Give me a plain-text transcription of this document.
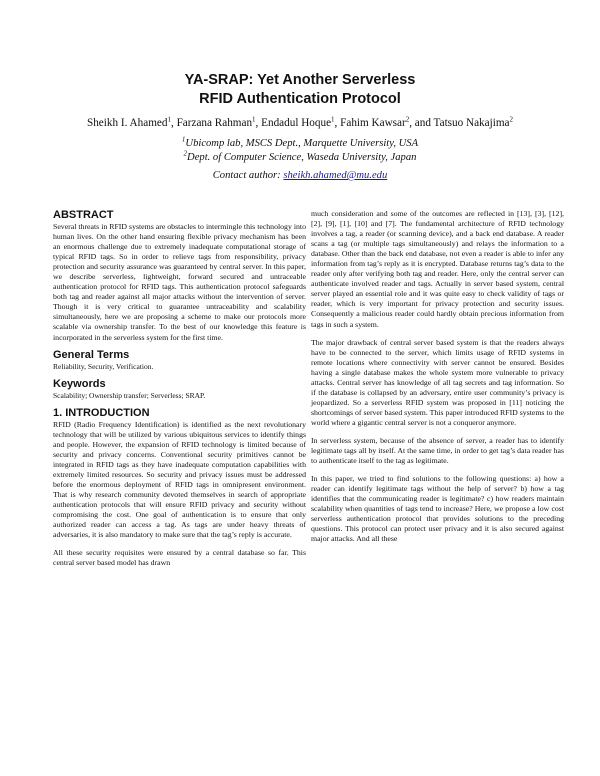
YA-SRAP: Yet Another Serverless
RFID Authentication Protocol
Sheikh I. Ahamed$^1$, Farzana Rahman$^1$, Endadul Hoque$^1$, Fahim Kawsar$^2$, and Tatsuo Nakajima$^2$
$^1$Ubicomp lab, MSCS Dept., Marquette University, USA
$^2$Dept. of Computer Science, Waseda University, Japan
Contact author: sheikh.ahamed@mu.edu
ABSTRACT
Several threats in RFID systems are obstacles to intermingle this technology into human lives. On the other hand ensuring flexible privacy mechanism has been an enormous challenge due to extremely inadequate computational storage of typical RFID tags. So in order to relieve tags from responsibility, privacy protection and security assurance was guaranteed by central server. In this paper, we describe serverless, lightweight, forward secured and untraceable authentication protocol for RFID tags. This authentication protocol safeguards both tag and reader against all major attacks without the intervention of server. Though it is very critical to guarantee untraceability and scalability simultaneously, here we are proposing a scheme to make our protocols more scalable via ownership transfer. To the best of our knowledge this feature is incorporated in the serverless system for the first time.
General Terms
Reliability, Security, Verification.
Keywords
Scalability; Ownership transfer; Serverless; SRAP.
1. INTRODUCTION
RFID (Radio Frequency Identification) is identified as the next revolutionary technology that will be utilized by various ubiquitous services to identify things and people. However, the expansion of RFID technology is limited because of security and privacy concerns. Conventional security primitives cannot be integrated in RFID tags as they have inadequate computation capabilities with extremely limited resources. So security and privacy issues must be addressed before the enormous deployment of RFID tags in omnipresent environment. That is why research community devoted themselves in search of appropriate authentication protocols that will ensure RFID privacy and security without compromising the cost. One goal of authentication is to ensure that only authorized reader can access a tag. As tags are under heavy threats of adversaries, it is also mandatory to make sure that the tag’s reply is accurate.
All these security requisites were ensured by a central database so far. This central server based model has drawn
much consideration and some of the outcomes are reflected in [13], [3], [12], [2], [9], [1], [10] and [7]. The fundamental architecture of RFID technology involves a tag, a reader (or scanning device), and a back end database. A reader scans a tag (or multiple tags simultaneously) and relays the information to a database. Other than the back end database, not even a reader is able to infer any information from tag’s reply as it is encrypted. Database returns tag’s data to the reader only after verifying both tag and reader. Here, only the central server can authenticate involved reader and tags. Actually in server based system, central server played an essential role and it was quite easy to check validity of tags or reader, which is very important for privacy protection and security issues. Consequently a malicious reader could hardly obtain precious information from tags in such a system.
The major drawback of central server based system is that the readers always have to be connected to the server, which limits usage of RFID systems in remote locations where connectivity with server cannot be ensured. Besides having a single database makes the whole system more vulnerable to privacy attacks. Central server has knowledge of all tag secrets and tag information. So if the database is collapsed by an adversary, entire user community’s privacy is jeopardized. So a serverless RFID system was proposed in [11] noticing the shortcomings of server based system. This paper introduced RFID systems to the world where a gigantic central server is not a conqueror anymore.
In serverless system, because of the absence of server, a reader has to identify legitimate tags all by itself. At the same time, in order to get tag’s data reader has to authenticate itself to the tag as legitimate.
In this paper, we tried to find solutions to the following questions: a) how a reader can identify legitimate tags without the help of server? b) how a tag identifies that the communicating reader is legitimate? c) how readers maintain scalability when quantities of tags tend to increase? Here, we propose a low cost serverless authentication protocol that provides solutions to the preceding questions. This protocol can protect user privacy and it is also secured against major attacks. And all these
